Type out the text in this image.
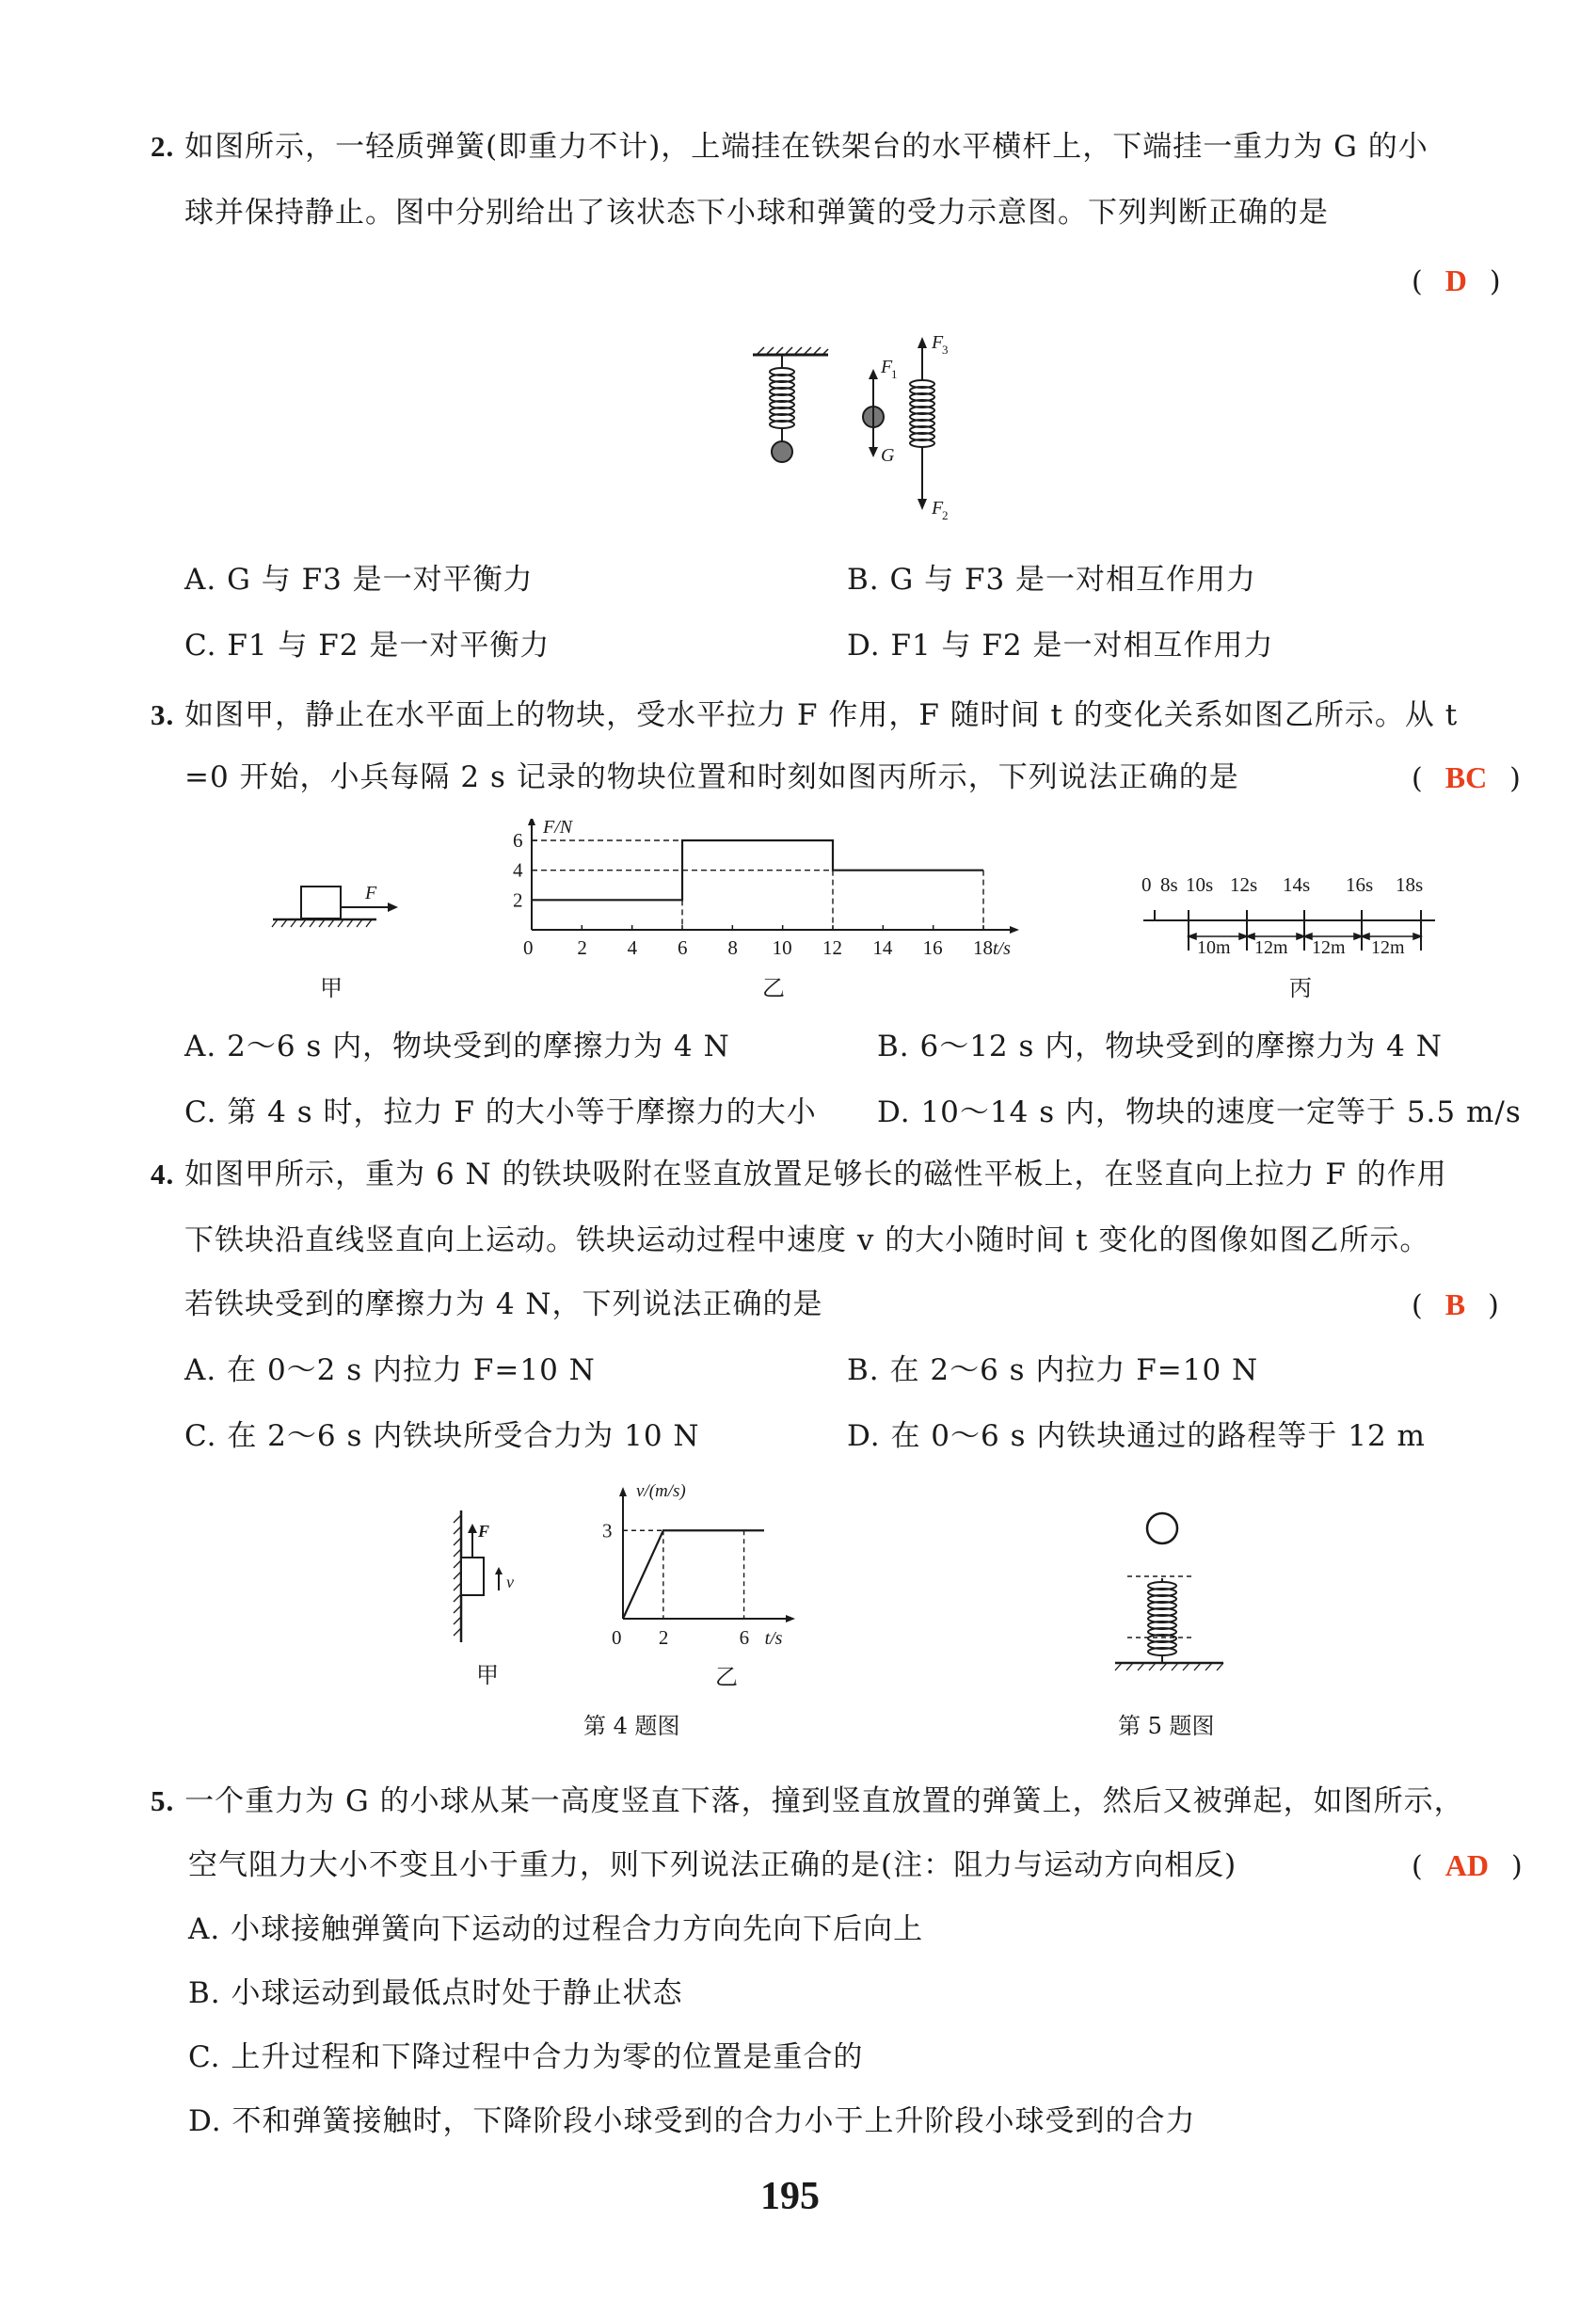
2. 如图所示，一轻质弹簧(即重力不计)，上端挂在铁架台的水平横杆上，下端挂一重力为 G 的小
球并保持静止。图中分别给出了该状态下小球和弹簧的受力示意图。下列判断正确的是
( D )
F
1
G
F
3
F
2
A. G 与 F3 是一对平衡力	B. G 与 F3 是一对相互作用力
C. F1 与 F2 是一对平衡力	D. F1 与 F2 是一对相互作用力
3. 如图甲，静止在水平面上的物块，受水平拉力 F 作用，F 随时间 t 的变化关系如图乙所示。从 t
=0 开始，小兵每隔 2 s 记录的物块位置和时刻如图丙所示，下列说法正确的是	( BC )
F
甲
F/N
t/s
0 2 4 6 8 10 12 14 16 18
2
4
6
乙
0 8s 10s 12s 14s 16s 18s
10m 12m 12m 12m
丙
A. 2～6 s 内，物块受到的摩擦力为 4 N	B. 6～12 s 内，物块受到的摩擦力为 4 N
C. 第 4 s 时，拉力 F 的大小等于摩擦力的大小 D. 10～14 s 内，物块的速度一定等于 5.5 m/s
4. 如图甲所示，重为 6 N 的铁块吸附在竖直放置足够长的磁性平板上，在竖直向上拉力 F 的作用
下铁块沿直线竖直向上运动。铁块运动过程中速度 v 的大小随时间 t 变化的图像如图乙所示。
若铁块受到的摩擦力为 4 N，下列说法正确的是	( B )
A. 在 0～2 s 内拉力 F=10 N	B. 在 2～6 s 内拉力 F=10 N
C. 在 2～6 s 内铁块所受合力为 10 N	D. 在 0～6 s 内铁块通过的路程等于 12 m
F
v
甲
v/(m/s)
t/s
0 2	6
3
乙
第 4 题图	第 5 题图
5. 一个重力为 G 的小球从某一高度竖直下落，撞到竖直放置的弹簧上，然后又被弹起，如图所示，
空气阻力大小不变且小于重力，则下列说法正确的是(注：阻力与运动方向相反)	( AD )
A. 小球接触弹簧向下运动的过程合力方向先向下后向上
B. 小球运动到最低点时处于静止状态
C. 上升过程和下降过程中合力为零的位置是重合的
D. 不和弹簧接触时，下降阶段小球受到的合力小于上升阶段小球受到的合力
195
